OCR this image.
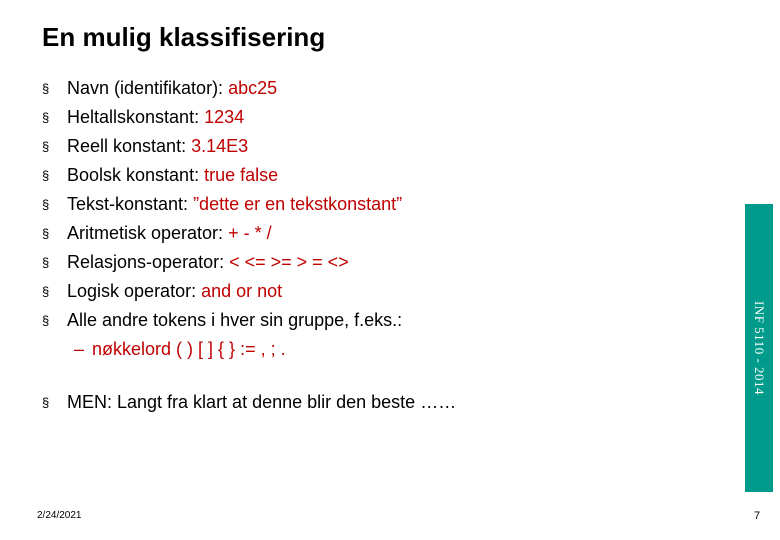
En mulig klassifisering
§ Navn (identifikator): abc25
§ Heltallskonstant: 1234
§ Reell konstant: 3.14E3
§ Boolsk konstant: true false
§ Tekst-konstant: ”dette er en tekstkonstant”
§ Aritmetisk operator: + - * /
§ Relasjons-operator: < <= >= > = <>
§ Logisk operator: and or not
§ Alle andre tokens i hver sin gruppe, f.eks.:
– nøkkelord ( ) [ ] { } := , ; .
§ MEN: Langt fra klart at denne blir den beste ……
INF 5110 - 2014
2/24/2021	7
